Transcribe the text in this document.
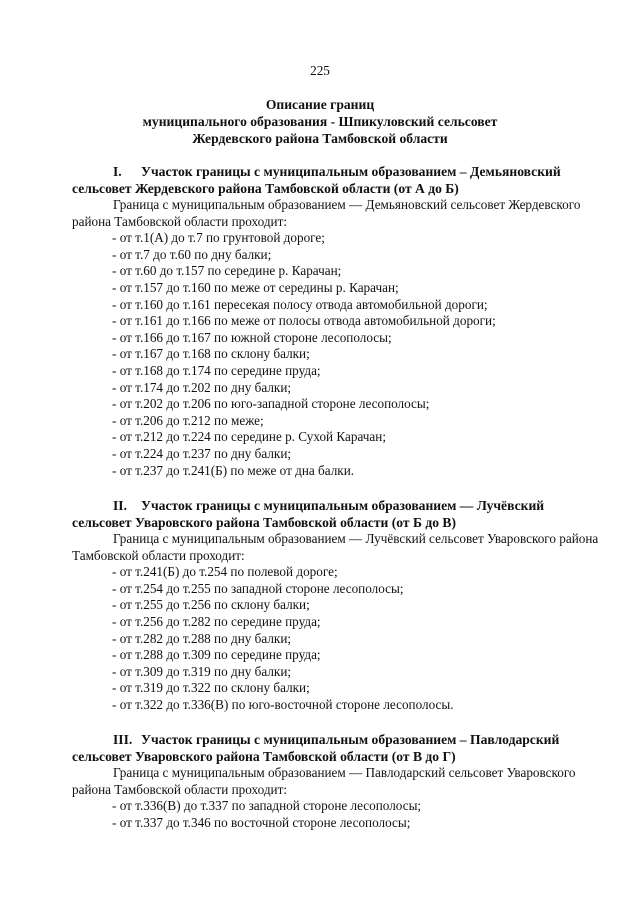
225
Описание границ
муниципального образования - Шпикуловский сельсовет
Жердевского района Тамбовской области
I. Участок границы с муниципальным образованием – Демьяновский сельсовет Жердевского района Тамбовской области (от А до Б)
Граница с муниципальным образованием — Демьяновский сельсовет Жердевского района Тамбовской области проходит:
- от т.1(А) до т.7 по грунтовой дороге;
- от т.7 до т.60 по дну балки;
- от т.60 до т.157 по середине р. Карачан;
- от т.157 до т.160 по меже от середины р. Карачан;
- от т.160 до т.161 пересекая полосу отвода автомобильной дороги;
- от т.161 до т.166 по меже от полосы отвода автомобильной дороги;
- от т.166 до т.167 по южной стороне лесополосы;
- от т.167 до т.168 по склону балки;
- от т.168 до т.174 по середине пруда;
- от т.174 до т.202 по дну балки;
- от т.202 до т.206 по юго-западной стороне лесополосы;
- от т.206 до т.212 по меже;
- от т.212 до т.224 по середине р. Сухой Карачан;
- от т.224 до т.237 по дну балки;
- от т.237 до т.241(Б) по меже от дна балки.
II. Участок границы с муниципальным образованием — Лучёвский сельсовет Уваровского района Тамбовской области (от Б до В)
Граница с муниципальным образованием — Лучёвский сельсовет Уваровского района Тамбовской области проходит:
- от т.241(Б) до т.254 по полевой дороге;
- от т.254 до т.255 по западной стороне лесополосы;
- от т.255 до т.256 по склону балки;
- от т.256 до т.282 по середине пруда;
- от т.282 до т.288 по дну балки;
- от т.288 до т.309 по середине пруда;
- от т.309 до т.319 по дну балки;
- от т.319 до т.322 по склону балки;
- от т.322 до т.336(В) по юго-восточной стороне лесополосы.
III. Участок границы с муниципальным образованием – Павлодарский сельсовет Уваровского района Тамбовской области (от В до Г)
Граница с муниципальным образованием — Павлодарский сельсовет Уваровского района Тамбовской области проходит:
- от т.336(В) до т.337 по западной стороне лесополосы;
- от т.337 до т.346 по восточной стороне лесополосы;
